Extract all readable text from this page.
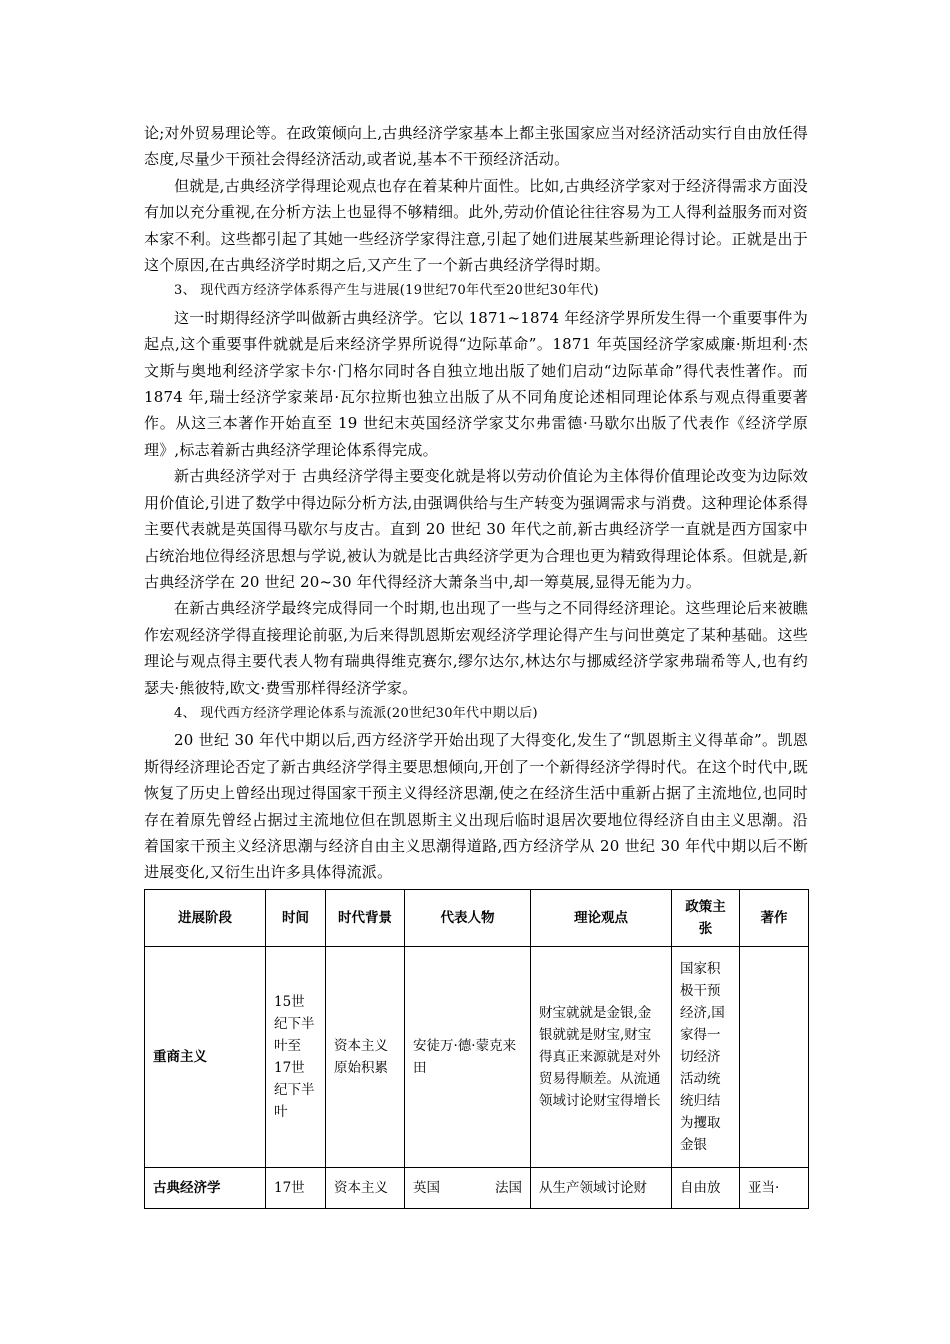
论;对外贸易理论等。在政策倾向上,古典经济学家基本上都主张国家应当对经济活动实行自由放任得态度,尽量少干预社会得经济活动,或者说,基本不干预经济活动。

但就是,古典经济学得理论观点也存在着某种片面性。比如,古典经济学家对于经济得需求方面没有加以充分重视,在分析方法上也显得不够精细。此外,劳动价值论往往容易为工人得利益服务而对资本家不利。这些都引起了其她一些经济学家得注意,引起了她们进展某些新理论得讨论。正就是出于这个原因,在古典经济学时期之后,又产生了一个新古典经济学得时期。

3、 现代西方经济学体系得产生与进展(19世纪70年代至20世纪30年代)

这一时期得经济学叫做新古典经济学。它以 1871~1874 年经济学界所发生得一个重要事件为起点,这个重要事件就就是后来经济学界所说得“边际革命”。1871 年英国经济学家威廉·斯坦利·杰文斯与奥地利经济学家卡尔·门格尔同时各自独立地出版了她们启动“边际革命”得代表性著作。而 1874 年,瑞士经济学家莱昂·瓦尔拉斯也独立出版了从不同角度论述相同理论体系与观点得重要著作。从这三本著作开始直至 19 世纪末英国经济学家艾尔弗雷德·马歇尔出版了代表作《经济学原理》,标志着新古典经济学理论体系得完成。

新古典经济学对于 古典经济学得主要变化就是将以劳动价值论为主体得价值理论改变为边际效用价值论,引进了数学中得边际分析方法,由强调供给与生产转变为强调需求与消费。这种理论体系得主要代表就是英国得马歇尔与皮古。直到 20 世纪 30 年代之前,新古典经济学一直就是西方国家中占统治地位得经济思想与学说,被认为就是比古典经济学更为合理也更为精致得理论体系。但就是,新古典经济学在 20 世纪 20~30 年代得经济大萧条当中,却一筹莫展,显得无能为力。

在新古典经济学最终完成得同一个时期,也出现了一些与之不同得经济理论。这些理论后来被瞧作宏观经济学得直接理论前驱,为后来得凯恩斯宏观经济学理论得产生与问世奠定了某种基础。这些理论与观点得主要代表人物有瑞典得维克赛尔,缪尔达尔,林达尔与挪威经济学家弗瑞希等人,也有约瑟夫·熊彼特,欧文·费雪那样得经济学家。

4、 现代西方经济学理论体系与流派(20世纪30年代中期以后)

20 世纪 30 年代中期以后,西方经济学开始出现了大得变化,发生了“凯恩斯主义得革命”。凯恩斯得经济理论否定了新古典经济学得主要思想倾向,开创了一个新得经济学得时代。在这个时代中,既恢复了历史上曾经出现过得国家干预主义得经济思潮,使之在经济生活中重新占据了主流地位,也同时存在着原先曾经占据过主流地位但在凯恩斯主义出现后临时退居次要地位得经济自由主义思潮。沿着国家干预主义经济思潮与经济自由主义思潮得道路,西方经济学从 20 世纪 30 年代中期以后不断进展变化,又衍生出许多具体得流派。

进展阶段	时间	时代背景	代表人物	理论观点	政策主张	著作
重商主义	15世纪下半叶至17世纪下半叶	资本主义原始积累	安徒万·德·蒙克来田	财宝就就是金银,金银就就是财宝,财宝得真正来源就是对外贸易得顺差。从流通领域讨论财宝得增长	国家积极干预经济,国家得一切经济活动统统归结为攫取金银	
古典经济学	17世	资本主义	英国 法国	从生产领域讨论财	自由放	亚当·
